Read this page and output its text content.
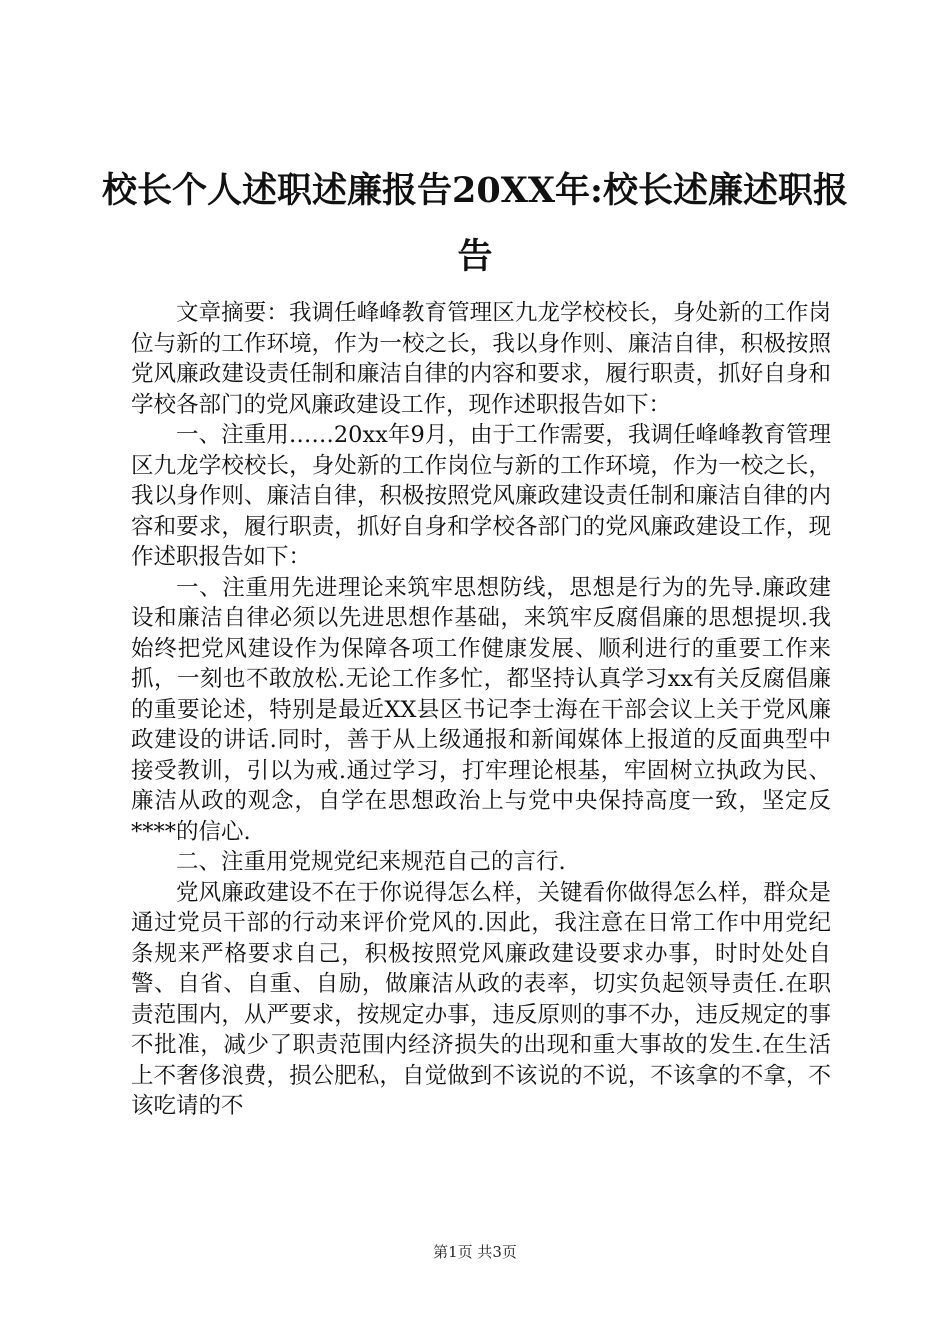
校长个人述职述廉报告20XX年:校长述廉述职报告

文章摘要：我调任峰峰教育管理区九龙学校校长，身处新的工作岗位与新的工作环境，作为一校之长，我以身作则、廉洁自律，积极按照党风廉政建设责任制和廉洁自律的内容和要求，履行职责，抓好自身和学校各部门的党风廉政建设工作，现作述职报告如下：

一、注重用……20xx年9月，由于工作需要，我调任峰峰教育管理区九龙学校校长，身处新的工作岗位与新的工作环境，作为一校之长，我以身作则、廉洁自律，积极按照党风廉政建设责任制和廉洁自律的内容和要求，履行职责，抓好自身和学校各部门的党风廉政建设工作，现作述职报告如下：

一、注重用先进理论来筑牢思想防线，思想是行为的先导.廉政建设和廉洁自律必须以先进思想作基础，来筑牢反腐倡廉的思想提坝.我始终把党风建设作为保障各项工作健康发展、顺利进行的重要工作来抓，一刻也不敢放松.无论工作多忙，都坚持认真学习xx有关反腐倡廉的重要论述，特别是最近XX县区书记李士海在干部会议上关于党风廉政建设的讲话.同时，善于从上级通报和新闻媒体上报道的反面典型中接受教训，引以为戒.通过学习，打牢理论根基，牢固树立执政为民、廉洁从政的观念，自学在思想政治上与党中央保持高度一致，坚定反****的信心.

二、注重用党规党纪来规范自己的言行.

党风廉政建设不在于你说得怎么样，关键看你做得怎么样，群众是通过党员干部的行动来评价党风的.因此，我注意在日常工作中用党纪条规来严格要求自己，积极按照党风廉政建设要求办事，时时处处自警、自省、自重、自励，做廉洁从政的表率，切实负起领导责任.在职责范围内，从严要求，按规定办事，违反原则的事不办，违反规定的事不批准，减少了职责范围内经济损失的出现和重大事故的发生.在生活上不奢侈浪费，损公肥私，自觉做到不该说的不说，不该拿的不拿，不该吃请的不

第1页 共3页
